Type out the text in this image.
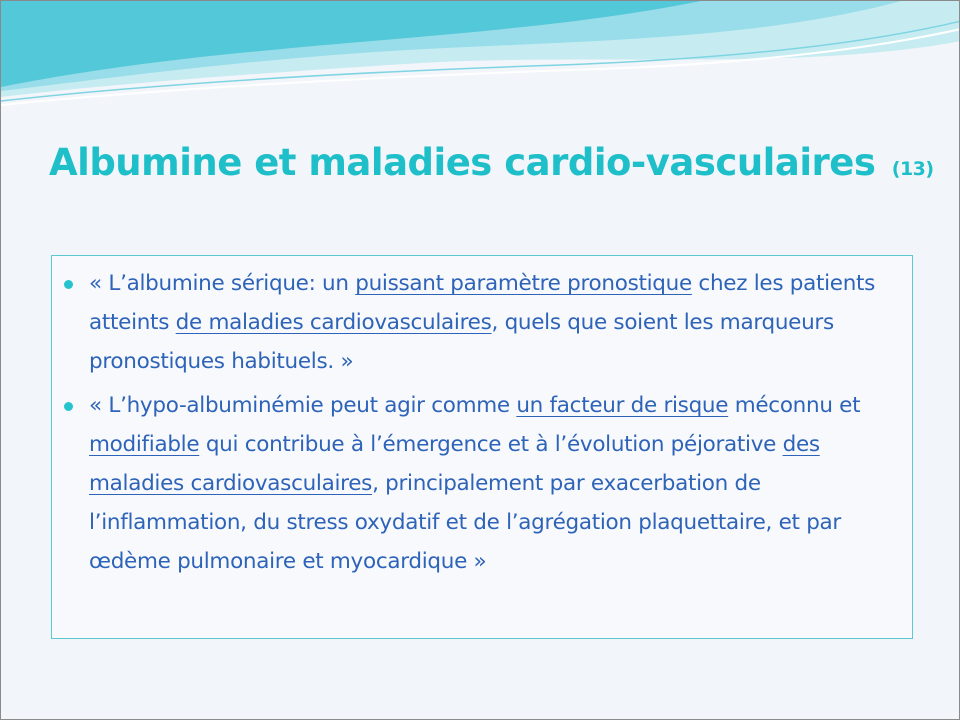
Albumine et maladies cardio-vasculaires (13)
« L’albumine sérique: un puissant paramètre pronostique chez les patients atteints de maladies cardiovasculaires, quels que soient les marqueurs pronostiques habituels. »
« L’hypo-albuminémie peut agir comme un facteur de risque méconnu et modifiable qui contribue à l’émergence et à l’évolution péjorative des maladies cardiovasculaires, principalement par exacerbation de l’inflammation, du stress oxydatif et de l’agrégation plaquettaire, et par œdème pulmonaire et myocardique »
